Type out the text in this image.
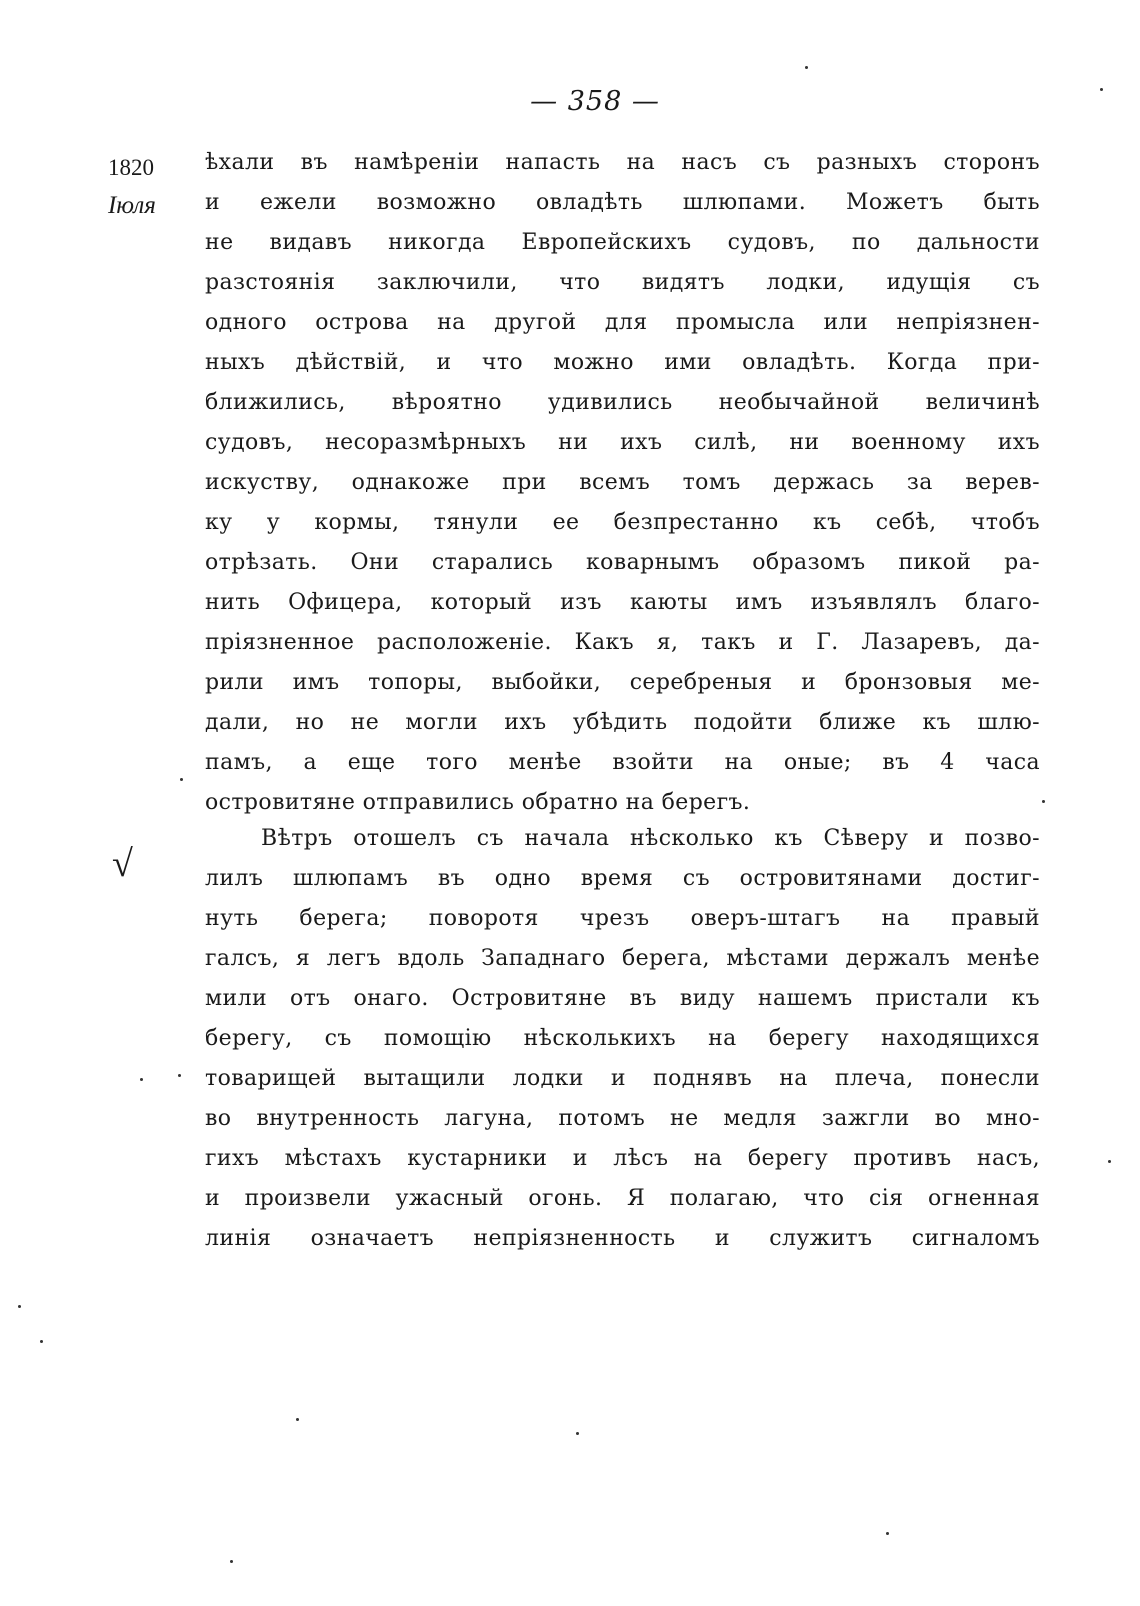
— 358 —
1820
Іюля
√
ѣхали въ намѣреніи напасть на насъ съ разныхъ сторонъ
и ежели возможно овладѣть шлюпами. Можетъ быть
не видавъ никогда Европейскихъ судовъ, по дальности
разстоянія заключили, что видятъ лодки, идущія съ
одного острова на другой для промысла или непріязнен-
ныхъ дѣйствій, и что можно ими овладѣть. Когда при-
ближились, вѣроятно удивились необычайной величинѣ
судовъ, несоразмѣрныхъ ни ихъ силѣ, ни военному ихъ
искуству, однакоже при всемъ томъ держась за верев-
ку у кормы, тянули ее безпрестанно къ себѣ, чтобъ
отрѣзать. Они старались коварнымъ образомъ пикой ра-
нить Офицера, который изъ каюты имъ изъявлялъ благо-
пріязненное расположеніе. Какъ я, такъ и Г. Лазаревъ, да-
рили имъ топоры, выбойки, серебреныя и бронзовыя ме-
дали, но не могли ихъ убѣдить подойти ближе къ шлю-
памъ, а еще того менѣе взойти на оные; въ 4 часа
островитяне отправились обратно на берегъ.
Вѣтръ отошелъ съ начала нѣсколько къ Сѣверу и позво-
лилъ шлюпамъ въ одно время съ островитянами достиг-
нуть берега; поворотя чрезъ оверъ-штагъ на правый
галсъ, я легъ вдоль Западнаго берега, мѣстами держалъ менѣе
мили отъ онаго. Островитяне въ виду нашемъ пристали къ
берегу, съ помощію нѣсколькихъ на берегу находящихся
товарищей вытащили лодки и поднявъ на плеча, понесли
во внутренность лагуна, потомъ не медля зажгли во мно-
гихъ мѣстахъ кустарники и лѣсъ на берегу противъ насъ,
и произвели ужасный огонь. Я полагаю, что сія огненная
линія означаетъ непріязненность и служитъ сигналомъ
